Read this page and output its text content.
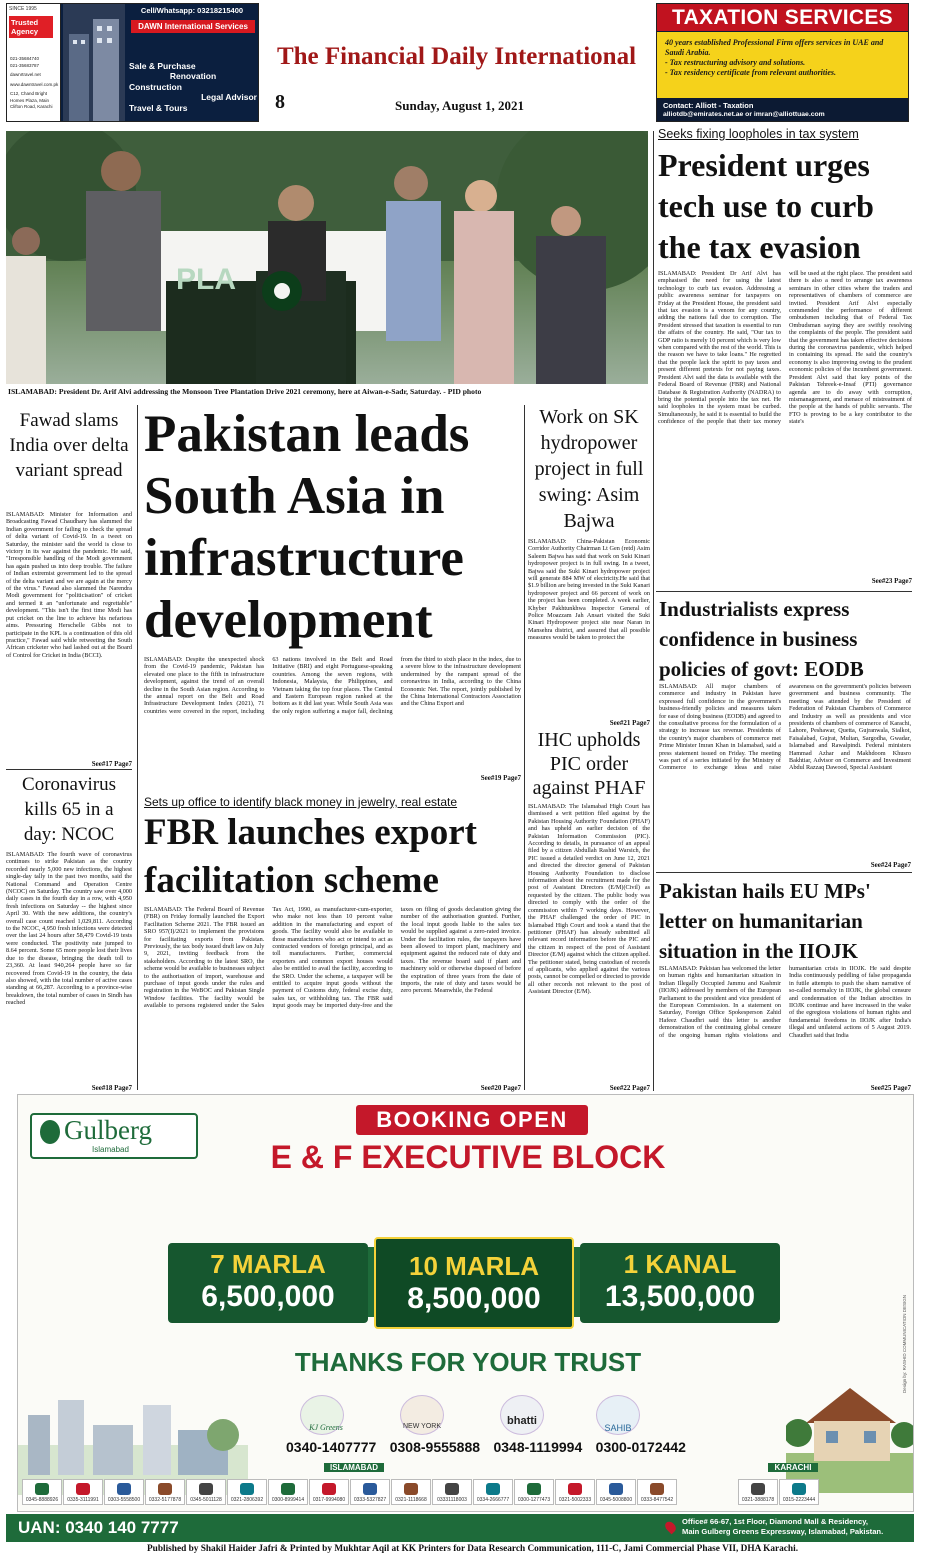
SINCE 1995
Trusted Agency
021-35684740
021-35683787
dawnrtravel.net
www.dawntravel.com.pk
C12, Chand Bright Homes Plaza, Main Clifton Road, Karachi
Cell/Whatsapp: 03218215400
DAWN International Services
Sale & Purchase
Renovation
Construction
Legal Advisor
Travel & Tours
The Financial Daily International
8	Sunday, August 1, 2021
TAXATION SERVICES
40 years established Professional Firm offers services in UAE and Saudi Arabia.
- Tax restructuring advisory and solutions.
- Tax residency certificate from relevant authorities.
Contact: Alliott - Taxation
alliotdb@emirates.net.ae or imran@alliottuae.com
PLA
ISLAMABAD: President Dr. Arif Alvi addressing the Monsoon Tree Plantation Drive 2021 ceremony, here at Aiwan-e-Sadr, Saturday. - PID photo
Seeks fixing loopholes in tax system
President urges tech use to curb the tax evasion
ISLAMABAD: President Dr Arif Alvi has emphasised the need for using the latest technology to curb tax evasion. Addressing a public awareness seminar for taxpayers on Friday at the President House, the president said that tax evasion is a venom for any country, adding the nations fail due to corruption. The President stressed that taxation is essential to run the affairs of the country. He said, "Our tax to GDP ratio is merely 10 percent which is very low when compared with the rest of the world. This is the reason we have to take loans." He regretted that the people lack the spirit to pay taxes and present different pretexts for not paying taxes. President Alvi said the data is available with the Federal Board of Revenue (FBR) and National Database & Registration Authority (NADRA) to bring the potential people into the tax net. He said loopholes in the system must be curbed. Simultaneously, he said it is essential to build the confidence of the people that their tax money will be used at the right place. The president said there is also a need to arrange tax awareness seminars in other cities where the traders and representatives of chambers of commerce are invited. President Arif Alvi especially commended the performance of different ombudsmen including that of Federal Tax Ombudsman saying they are swiftly resolving the complaints of the people. The president said that the government has taken effective decisions during the coronavirus pandemic, which helped in containing its spread. He said the country's economy is also improving owing to the prudent economic policies of the incumbent government. President Alvi said that key points of the Pakistan Tehreek-e-Insaf (PTI) governance agenda are to do away with corruption, mismanagement, and menace of mistreatment of the people at the hands of public servants. The FTO is proving to be a key contributor to the state's
See#23 Page7
Fawad slams India over delta variant spread
ISLAMABAD: Minister for Information and Broadcasting Fawad Chaudhary has slammed the Indian government for failing to check the spread of delta variant of Covid-19. In a tweet on Saturday, the minister said the world is close to victory in its war against the pandemic. He said, "Irresponsible handling of the Modi government has again pushed us into deep trouble. The failure of Indian extremist government led to the spread of the delta variant and we are again at the mercy of the virus." Fawad also slammed the Narendra Modi government for "politicisation" of cricket and termed it an "unfortunate and regrettable" development. "This isn't the first time Modi has put cricket on the line to achieve his nefarious aims. Pressuring Herschelle Gibbs not to participate in the KPL is a continuation of this old practice," Fawad said while retweeting the South African cricketer who had lashed out at the Board of Control for Cricket in India (BCCI).
See#17 Page7
Coronavirus kills 65 in a day: NCOC
ISLAMABAD: The fourth wave of coronavirus continues to strike Pakistan as the country recorded nearly 5,000 new infections, the highest single-day tally in the past two months, said the National Command and Operation Centre (NCOC) on Saturday. The country saw over 4,000 daily cases in the fourth day in a row, with 4,950 fresh infections on Saturday -- the highest since April 30. With the new additions, the country's overall case count reached 1,029,811. According to the NCOC, 4,950 fresh infections were detected over the last 24 hours after 58,479 Covid-19 tests were conducted. The positivity rate jumped to 8.64 percent. Some 65 more people lost their lives due to the disease, bringing the death toll to 23,360. At least 940,264 people have so far recovered from Covid-19 in the country, the data also showed, with the total number of active cases standing at 66,287. According to a province-wise breakdown, the total number of cases in Sindh has reached
See#18 Page7
Pakistan leads South Asia in infrastructure development
ISLAMABAD: Despite the unexpected shock from the Covid-19 pandemic, Pakistan has elevated one place to the fifth in infrastructure development, against the trend of an overall decline in the South Asian region. According to the annual report on the Belt and Road Infrastructure Development Index (2021), 71 countries were covered in the report, including 63 nations involved in the Belt and Road Initiative (BRI) and eight Portuguese-speaking countries. Among the seven regions, with Indonesia, Malaysia, the Philippines, and Vietnam taking the top four places. The Central and Eastern European region ranked at the bottom as it did last year. While South Asia was the only region suffering a major fall, declining from the third to sixth place in the index, due to a severe blow to the infrastructure development undermined by the rampant spread of the coronavirus in India, according to the China Economic Net. The report, jointly published by the China International Contractors Association and the China Export and
See#19 Page7
Work on SK hydropower project in full swing: Asim Bajwa
ISLAMABAD: China-Pakistan Economic Corridor Authority Chairman Lt Gen (retd) Asim Saleem Bajwa has said that work on Suki Kinari hydropower project is in full swing. In a tweet, Bajwa said the Suki Kinari hydropower project will generate 884 MW of electricity.He said that $1.9 billion are being invested in the Suki Kanari hydropower project and 66 percent of work on the project has been completed. A week earlier, Khyber Pakhtunkhwa Inspector General of Police Moazzam Jah Ansari visited the Suki Kinari Hydropower project site near Naran in Mansehra district, and assured that all possible measures would be taken to protect the
See#21 Page7
IHC upholds PIC order against PHAF
ISLAMABAD: The Islamabad High Court has dismissed a writ petition filed against by the Pakistan Housing Authority Foundation (PHAF) and has upheld an earlier decision of the Pakistan Information Commission (PIC). According to details, in pursuance of an appeal filed by a citizen Abdullah Rashid Warsich, the PIC issued a detailed verdict on June 12, 2021 and directed the director general of Pakistan Housing Authority Foundation to disclose information about the recruitment made for the post of Assistant Directors (E/M)(Civil) as requested by the citizen. The public body was directed to comply with the order of the commission within 7 working days. However, the PHAF challenged the order of PIC in Islamabad High Court and took a stand that the petitioner (PHAF) has already submitted all relevant record information before the PIC and the citizen in respect of the post of Assistant Director (E/M) against which the citizen applied. The petitioner stated, being custodian of records of applicants, who applied against the various posts, cannot be compelled or directed to provide all other records not relevant to the post of Assistant Director (E/M).
See#22 Page7
Sets up office to identify black money in jewelry, real estate
FBR launches export facilitation scheme
ISLAMABAD: The Federal Board of Revenue (FBR) on Friday formally launched the Export Facilitation Scheme 2021. The FBR issued an SRO 957(I)/2021 to implement the provisions for facilitating exports from Pakistan. Previously, the tax body issued draft law on July 9, 2021, inviting feedback from the stakeholders. According to the latest SRO, the scheme would be available to businesses subject to the authorisation of import, warehouse and purchase of input goods under the rules and registration in the WeBOC and Pakistan Single Window facilities. The facility would be available to persons registered under the Sales Tax Act, 1990, as manufacturer-cum-exporter, who make not less than 10 percent value addition in the manufacturing and export of goods. The facility would also be available to those manufacturers who act or intend to act as contracted vendors of foreign principal, and as toll manufacturers. Further, commercial exporters and common export houses would also be entitled to avail the facility, according to the SRO. Under the scheme, a taxpayer will be entitled to acquire input goods without the payment of Customs duty, federal excise duty, sales tax, or withholding tax. The FBR said input goods may be imported duty-free and the taxes on filing of goods declaration giving the number of the authorisation granted. Further, the local input goods liable to the sales tax would be supplied against a zero-rated invoice. Under the facilitation rules, the taxpayers have been allowed to import plant, machinery and equipment against the reduced rate of duty and taxes. The revenue board said if plant and machinery sold or otherwise disposed of before the expiration of three years from the date of imports, the rate of duty and taxes would be zero percent. Meanwhile, the Federal
See#20 Page7
Industrialists express confidence in business policies of govt: EODB
ISLAMABAD: All major chambers of commerce and industry in Pakistan have expressed full confidence in the government's business-friendly policies and measures taken for ease of doing business (EODB) and agreed to the consultative process for the formulation of a strategy to increase tax revenue. Presidents of the country's major chambers of commerce met Prime Minister Imran Khan in Islamabad, said a press statement issued on Friday. The meeting was part of a series initiated by the Ministry of Commerce to exchange ideas and raise awareness on the government's policies between government and business community. The meeting was attended by the President of Federation of Pakistan Chambers of Commerce and Industry as well as presidents and vice presidents of chambers of commerce of Karachi, Lahore, Peshawar, Quetta, Gujranwala, Sialkot, Faisalabad, Gujrat, Multan, Sargodha, Gwadar, Islamabad and Rawalpindi. Federal ministers Hammad Azhar and Makhdoom Khusro Bakhtiar, Advisor on Commerce and Investment Abdul Razzaq Dawood, Special Assistant
See#24 Page7
Pakistan hails EU MPs' letter on humanitarian situation in the IIOJK
ISLAMABAD: Pakistan has welcomed the letter on human rights and humanitarian situation in Indian Illegally Occupied Jammu and Kashmir (IIOJK) addressed by members of the European Parliament to the president and vice president of the European Commission. In a statement on Saturday, Foreign Office Spokesperson Zahid Hafeez Chaudhri said this letter is another demonstration of the continuing global censure of the ongoing human rights violations and humanitarian crisis in IIOJK. He said despite India continuously peddling of false propaganda in futile attempts to push the sham narrative of so-called normalcy in IIOJK, the global censure and condemnation of the Indian atrocities in IIOJK continue and have increased in the wake of the egregious violations of human rights and fundamental freedoms in IIOJK after India's illegal and unilateral actions of 5 August 2019. Chaudhri said that India
See#25 Page7
Gulberg
Islamabad
BOOKING OPEN
E & F EXECUTIVE BLOCK
7 MARLA
6,500,000
10 MARLA
8,500,000
1 KANAL
13,500,000
THANKS FOR YOUR TRUST
KJ Greens	NEW YORK	bhatti
SAHIB
0340-1407777 0308-9555888 0348-1119994 0300-0172442
Design by: RASHID COMMUNICATION DESIGN
ISLAMABAD	KARACHI
0345-8888926	0335-3111991	0303-5558500	0332-5177878	0345-5011128	0321-2806392	0300-8999414	0317-9994080	0333-5327827	0321-1118668	03331118003	0334-2666777	0300-1277473	0321-5002333	0345-5008800	0333-8477542	0321-3888178	0315-2223444
UAN: 0340 140 7777	Office# 66-67, 1st Floor, Diamond Mall & Residency,
Main Gulberg Greens Expressway, Islamabad, Pakistan.
Published by Shakil Haider Jafri & Printed by Mukhtar Aqil at KK Printers for Data Research Communication, 111-C, Jami Commercial Phase VII, DHA Karachi.
